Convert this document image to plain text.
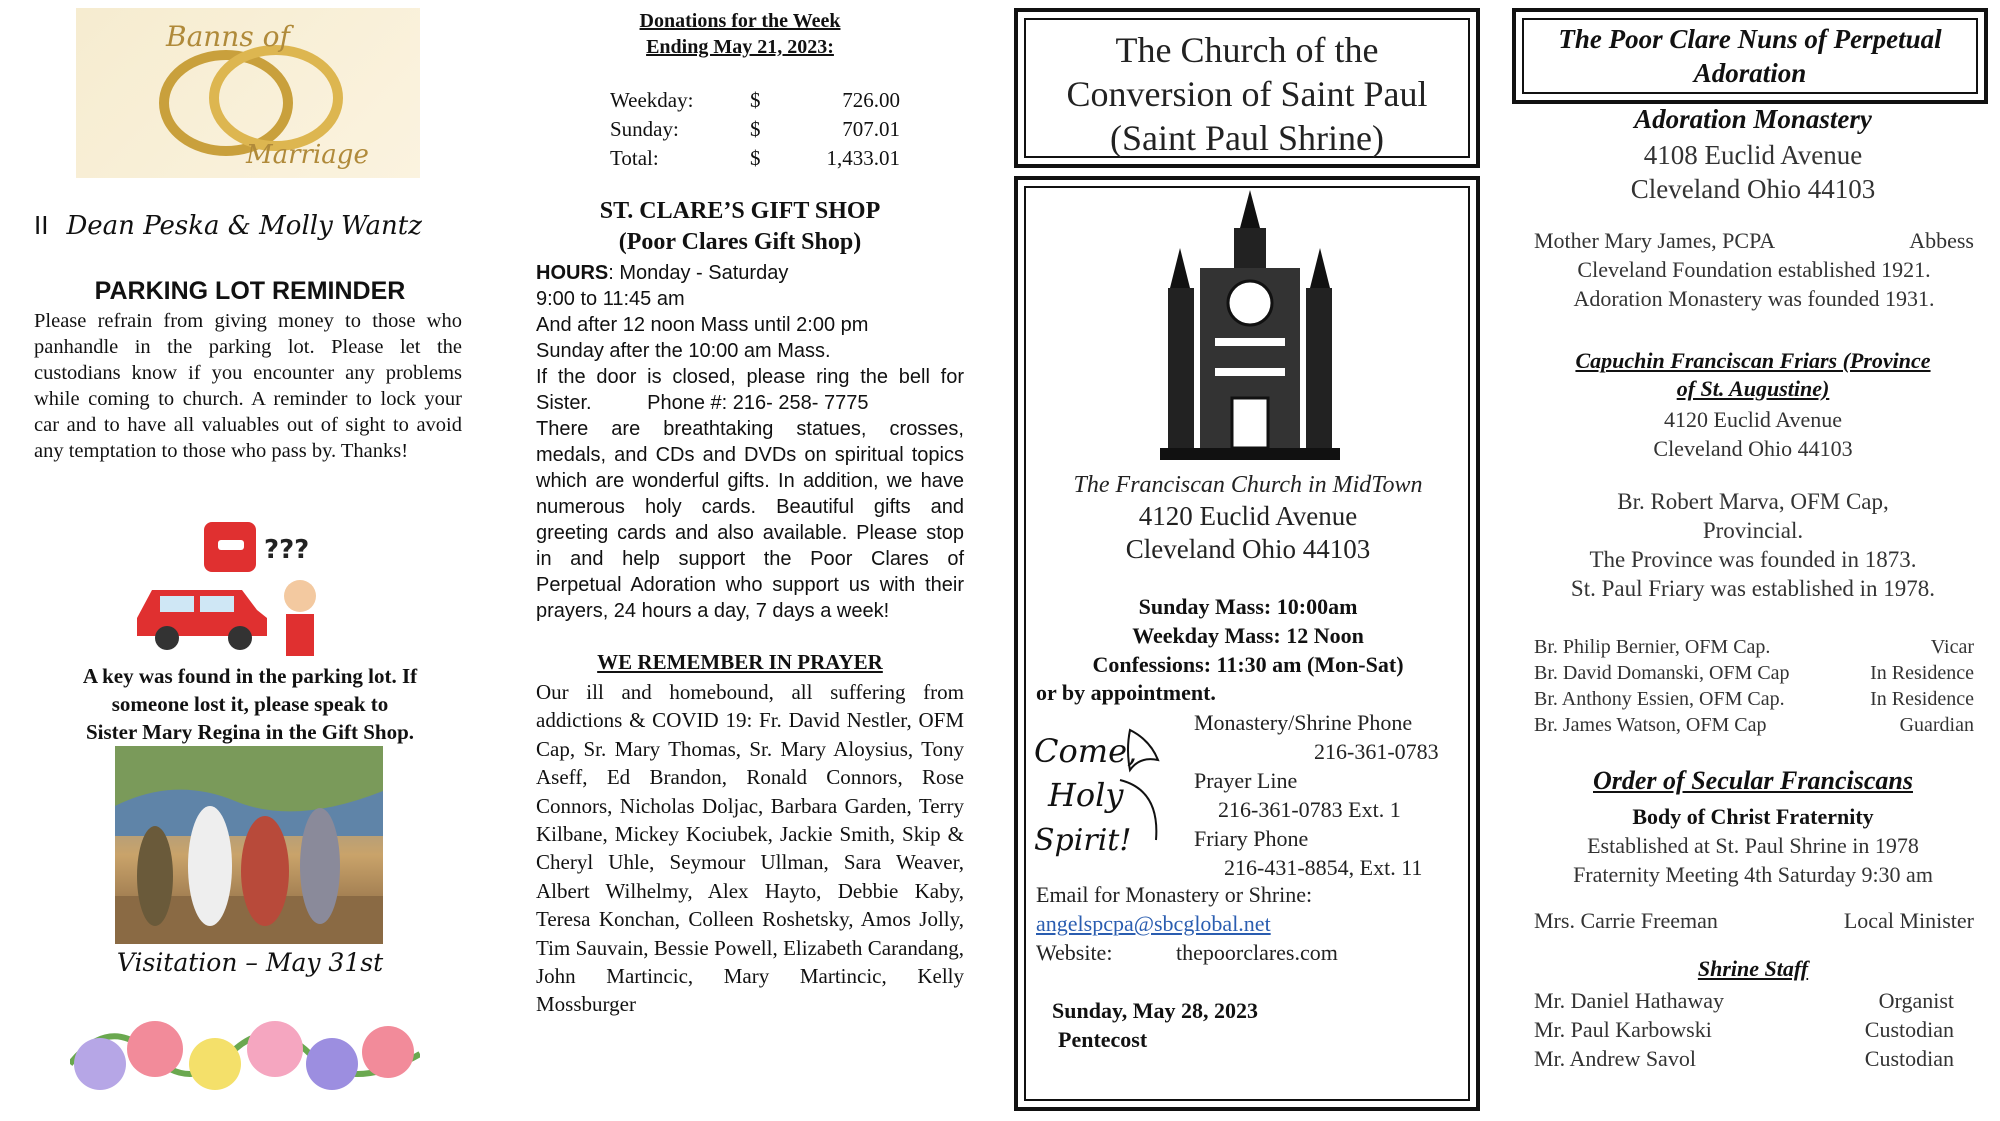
Banns of
Marriage
II Dean Peska & Molly Wantz
PARKING LOT REMINDER
Please refrain from giving money to those who panhandle in the parking lot. Please let the custodians know if you encounter any problems while coming to church. A reminder to lock your car and to have all valuables out of sight to avoid any temptation to those who pass by. Thanks!
???
A key was found in the parking lot. If
someone lost it, please speak to
Sister Mary Regina in the Gift Shop.
Visitation – May 31st
Donations for the Week
Ending May 21, 2023:
Weekday:	$	726.00
Sunday:	$	707.01
Total:	$	1,433.01
ST. CLARE’S GIFT SHOP
(Poor Clares Gift Shop)

HOURS: Monday - Saturday

9:00 to 11:45 am

And after 12 noon Mass until 2:00 pm

Sunday after the 10:00 am Mass.

If the door is closed, please ring the bell for Sister.	Phone #: 216- 258- 7775

There are breathtaking statues, crosses, medals, and CDs and DVDs on spiritual topics which are wonderful gifts. In addition, we have numerous holy cards. Beautiful gifts and greeting cards and also available. Please stop in and help support the Poor Clares of Perpetual Adoration who support us with their prayers, 24 hours a day, 7 days a week!

WE REMEMBER IN PRAYER
Our ill and homebound, all suffering from addictions & COVID 19: Fr. David Nestler, OFM Cap, Sr. Mary Thomas, Sr. Mary Aloysius, Tony Aseff, Ed Brandon, Ronald Connors, Rose Connors, Nicholas Doljac, Barbara Garden, Terry Kilbane, Mickey Kociubek, Jackie Smith, Skip & Cheryl Uhle, Seymour Ullman, Sara Weaver, Albert Wilhelmy, Alex Hayto, Debbie Kaby, Teresa Konchan, Colleen Roshetsky, Amos Jolly, Tim Sauvain, Bessie Powell, Elizabeth Carandang, John Martincic, Mary Martincic, Kelly Mossburger
The Church of the
Conversion of Saint Paul
(Saint Paul Shrine)
The Franciscan Church in MidTown
4120 Euclid Avenue
Cleveland Ohio 44103
Sunday Mass: 10:00am
Weekday Mass: 12 Noon
Confessions: 11:30 am (Mon-Sat)
or by appointment.
Come,
Holy
Spirit!
Monastery/Shrine Phone
216-361-0783
Prayer Line
216-361-0783 Ext. 1
Friary Phone
216-431-8854, Ext. 11
Email for Monastery or Shrine:
angelspcpa@sbcglobal.net
Website:	thepoorclares.com
Sunday, May 28, 2023
Pentecost
The Poor Clare Nuns of Perpetual
Adoration
Adoration Monastery
4108 Euclid Avenue
Cleveland Ohio 44103
Mother Mary James, PCPA	Abbess
Cleveland Foundation established 1921.
Adoration Monastery was founded 1931.
Capuchin Franciscan Friars (Province
of St. Augustine)
4120 Euclid Avenue
Cleveland Ohio 44103
Br. Robert Marva, OFM Cap,
Provincial.
The Province was founded in 1873.
St. Paul Friary was established in 1978.
Br. Philip Bernier, OFM Cap.	Vicar
Br. David Domanski, OFM Cap	In Residence
Br. Anthony Essien, OFM Cap.	In Residence
Br. James Watson, OFM Cap	Guardian
Order of Secular Franciscans
Body of Christ Fraternity
Established at St. Paul Shrine in 1978
Fraternity Meeting 4th Saturday 9:30 am
Mrs. Carrie Freeman	Local Minister
Shrine Staff
Mr. Daniel Hathaway	Organist
Mr. Paul Karbowski	Custodian
Mr. Andrew Savol	Custodian
